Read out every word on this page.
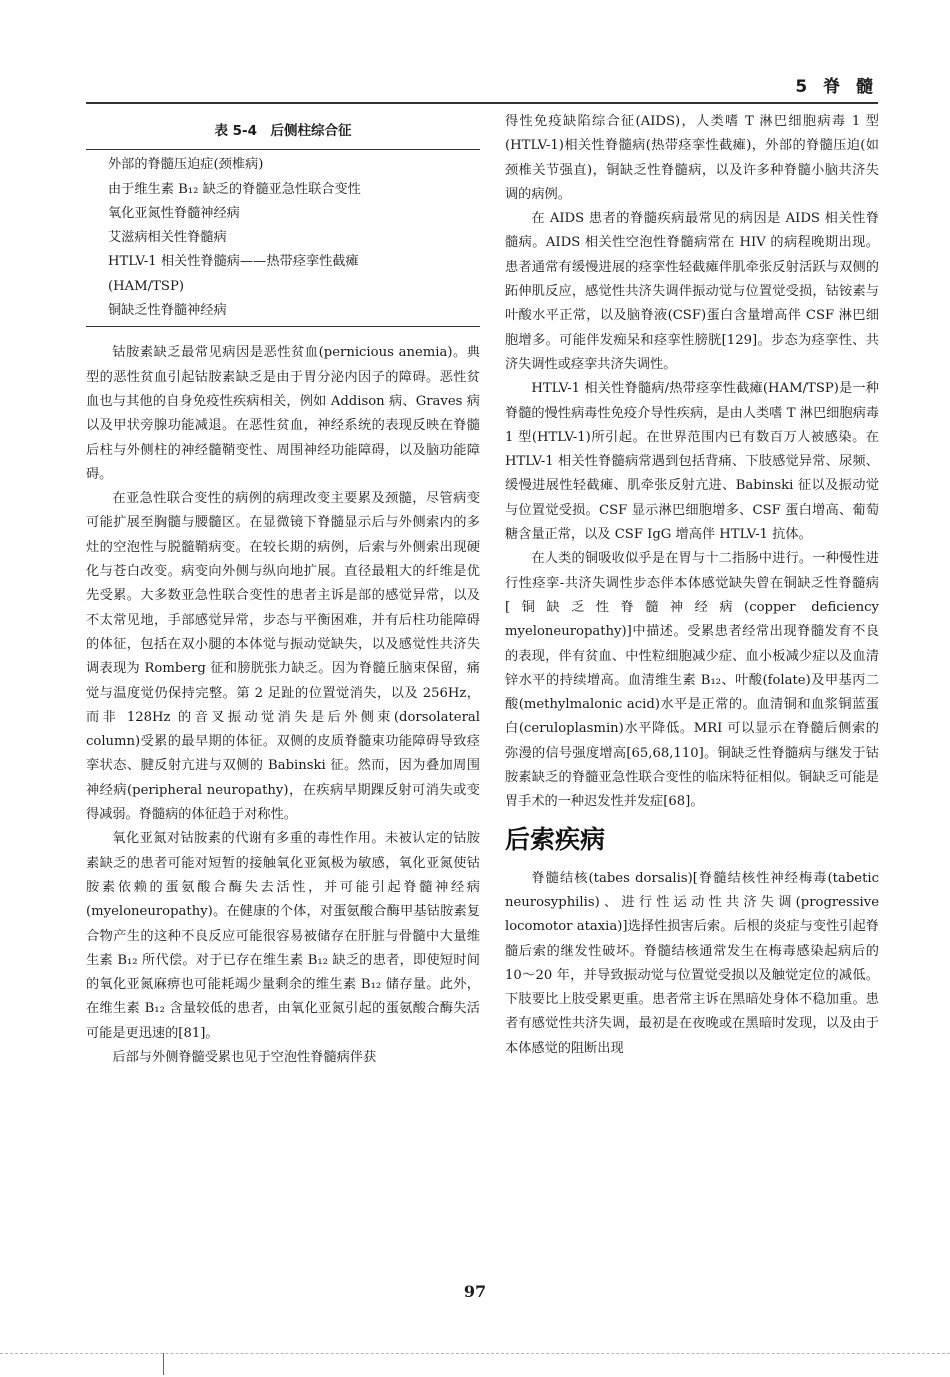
5 脊 髓
表 5-4　后侧柱综合征
外部的脊髓压迫症(颈椎病)
由于维生素 B₁₂ 缺乏的脊髓亚急性联合变性
氧化亚氮性脊髓神经病
艾滋病相关性脊髓病
HTLV-1 相关性脊髓病——热带痉挛性截瘫
(HAM/TSP)
铜缺乏性脊髓神经病

钴胺素缺乏最常见病因是恶性贫血(pernicious anemia)。典型的恶性贫血引起钴胺素缺乏是由于胃分泌内因子的障碍。恶性贫血也与其他的自身免疫性疾病相关，例如 Addison 病、Graves 病以及甲状旁腺功能减退。在恶性贫血，神经系统的表现反映在脊髓后柱与外侧柱的神经髓鞘变性、周围神经功能障碍，以及脑功能障碍。

在亚急性联合变性的病例的病理改变主要累及颈髓，尽管病变可能扩展至胸髓与腰髓区。在显微镜下脊髓显示后与外侧索内的多灶的空泡性与脱髓鞘病变。在较长期的病例，后索与外侧索出现硬化与苍白改变。病变向外侧与纵向地扩展。直径最粗大的纤维是优先受累。大多数亚急性联合变性的患者主诉是部的感觉异常，以及不太常见地，手部感觉异常，步态与平衡困难，并有后柱功能障碍的体征，包括在双小腿的本体觉与振动觉缺失，以及感觉性共济失调表现为 Romberg 征和膀胱张力缺乏。因为脊髓丘脑束保留，痛觉与温度觉仍保持完整。第 2 足趾的位置觉消失，以及 256Hz，而非 128Hz 的音叉振动觉消失是后外侧束(dorsolateral column)受累的最早期的体征。双侧的皮质脊髓束功能障碍导致痉挛状态、腱反射亢进与双侧的 Babinski 征。然而，因为叠加周围神经病(peripheral neuropathy)，在疾病早期踝反射可消失或变得减弱。脊髓病的体征趋于对称性。

氧化亚氮对钴胺素的代谢有多重的毒性作用。未被认定的钴胺素缺乏的患者可能对短暂的接触氧化亚氮极为敏感，氧化亚氮使钴胺素依赖的蛋氨酸合酶失去活性，并可能引起脊髓神经病(myeloneuropathy)。在健康的个体，对蛋氨酸合酶甲基钴胺素复合物产生的这种不良反应可能很容易被储存在肝脏与骨髓中大量维生素 B₁₂ 所代偿。对于已存在维生素 B₁₂ 缺乏的患者，即使短时间的氧化亚氮麻痹也可能耗竭少量剩余的维生素 B₁₂ 储存量。此外，在维生素 B₁₂ 含量较低的患者，由氧化亚氮引起的蛋氨酸合酶失活可能是更迅速的[81]。

后部与外侧脊髓受累也见于空泡性脊髓病伴获

得性免疫缺陷综合征(AIDS)，人类嗜 T 淋巴细胞病毒 1 型(HTLV-1)相关性脊髓病(热带痉挛性截瘫)，外部的脊髓压迫(如颈椎关节强直)，铜缺乏性脊髓病，以及许多种脊髓小脑共济失调的病例。

在 AIDS 患者的脊髓疾病最常见的病因是 AIDS 相关性脊髓病。AIDS 相关性空泡性脊髓病常在 HIV 的病程晚期出现。患者通常有缓慢进展的痉挛性轻截瘫伴肌牵张反射活跃与双侧的跖伸肌反应，感觉性共济失调伴振动觉与位置觉受损，钴铵素与叶酸水平正常，以及脑脊液(CSF)蛋白含量增高伴 CSF 淋巴细胞增多。可能伴发痴呆和痉挛性膀胱[129]。步态为痉挛性、共济失调性或痉挛共济失调性。

HTLV-1 相关性脊髓病/热带痉挛性截瘫(HAM/TSP)是一种脊髓的慢性病毒性免疫介导性疾病，是由人类嗜 T 淋巴细胞病毒 1 型(HTLV-1)所引起。在世界范围内已有数百万人被感染。在 HTLV-1 相关性脊髓病常遇到包括背痛、下肢感觉异常、尿频、缓慢进展性轻截瘫、肌牵张反射亢进、Babinski 征以及振动觉与位置觉受损。CSF 显示淋巴细胞增多、CSF 蛋白增高、葡萄糖含量正常，以及 CSF IgG 增高伴 HTLV-1 抗体。

在人类的铜吸收似乎是在胃与十二指肠中进行。一种慢性进行性痉挛-共济失调性步态伴本体感觉缺失曾在铜缺乏性脊髓病[铜缺乏性脊髓神经病(copper deficiency myeloneuropathy)]中描述。受累患者经常出现脊髓发育不良的表现，伴有贫血、中性粒细胞减少症、血小板减少症以及血清锌水平的持续增高。血清维生素 B₁₂、叶酸(folate)及甲基丙二酸(methylmalonic acid)水平是正常的。血清铜和血浆铜蓝蛋白(ceruloplasmin)水平降低。MRI 可以显示在脊髓后侧索的弥漫的信号强度增高[65,68,110]。铜缺乏性脊髓病与继发于钴胺素缺乏的脊髓亚急性联合变性的临床特征相似。铜缺乏可能是胃手术的一种迟发性并发症[68]。

后索疾病

脊髓结核(tabes dorsalis)[脊髓结核性神经梅毒(tabetic neurosyphilis)、进行性运动性共济失调(progressive locomotor ataxia)]选择性损害后索。后根的炎症与变性引起脊髓后索的继发性破坏。脊髓结核通常发生在梅毒感染起病后的 10～20 年，并导致振动觉与位置觉受损以及触觉定位的减低。下肢要比上肢受累更重。患者常主诉在黑暗处身体不稳加重。患者有感觉性共济失调，最初是在夜晚或在黑暗时发现，以及由于本体感觉的阻断出现

97
